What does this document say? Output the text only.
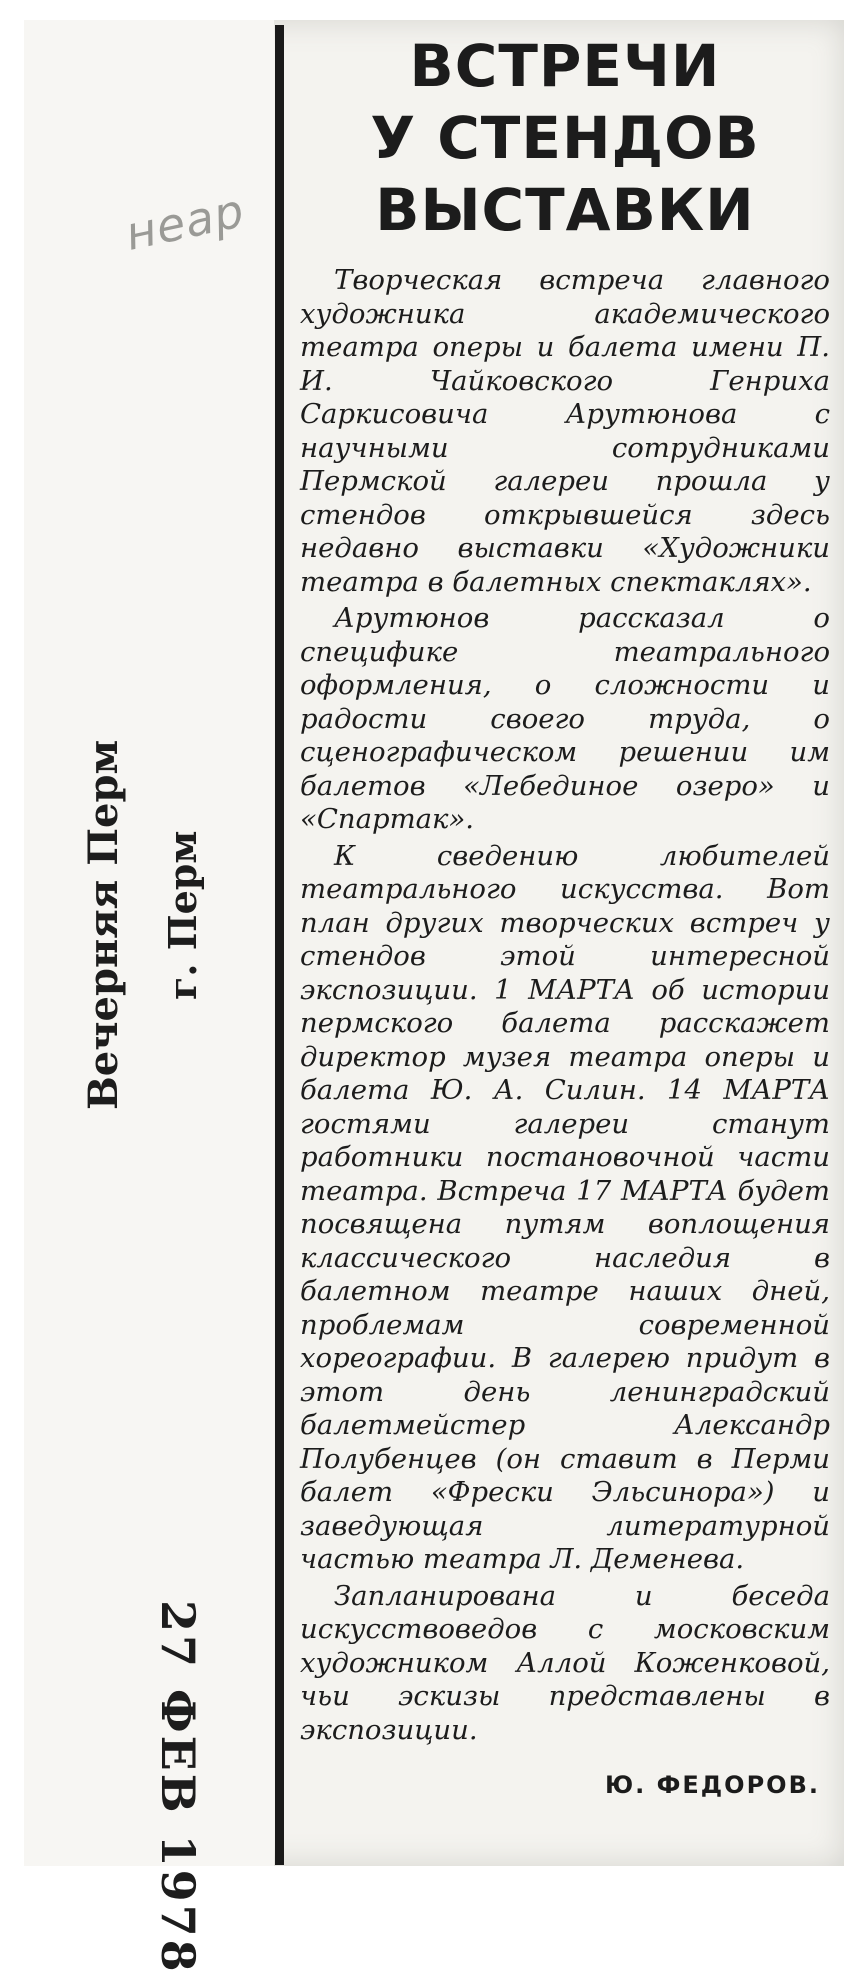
неар
Вечерняя Перм г. Перм
27 ФЕВ 1978
ВСТРЕЧИ
У СТЕНДОВ
ВЫСТАВКИ

Творческая встреча главного художника академического театра оперы и балета имени П. И. Чайковского Генриха Саркисовича Арутюнова с научными сотрудниками Пермской галереи прошла у стендов открывшейся здесь недавно выставки «Художники театра в балетных спектаклях».

Арутюнов рассказал о специфике театрального оформления, о сложности и радости своего труда, о сценографическом решении им балетов «Лебединое озеро» и «Спартак».

К сведению любителей театрального искусства. Вот план других творческих встреч у стендов этой интересной экспозиции. 1 МАРТА об истории пермского балета расскажет директор музея театра оперы и балета Ю. А. Силин. 14 МАРТА гостями галереи станут работники постановочной части театра. Встреча 17 МАРТА будет посвящена путям воплощения классического наследия в балетном театре наших дней, проблемам современной хореографии. В галерею придут в этот день ленинградский балетмейстер Александр Полубенцев (он ставит в Перми балет «Фрески Эльсинора») и заведующая литературной частью театра Л. Деменева.

Запланирована и беседа искусствоведов с московским художником Аллой Коженковой, чьи эскизы представлены в экспозиции.

Ю. ФЕДОРОВ.
